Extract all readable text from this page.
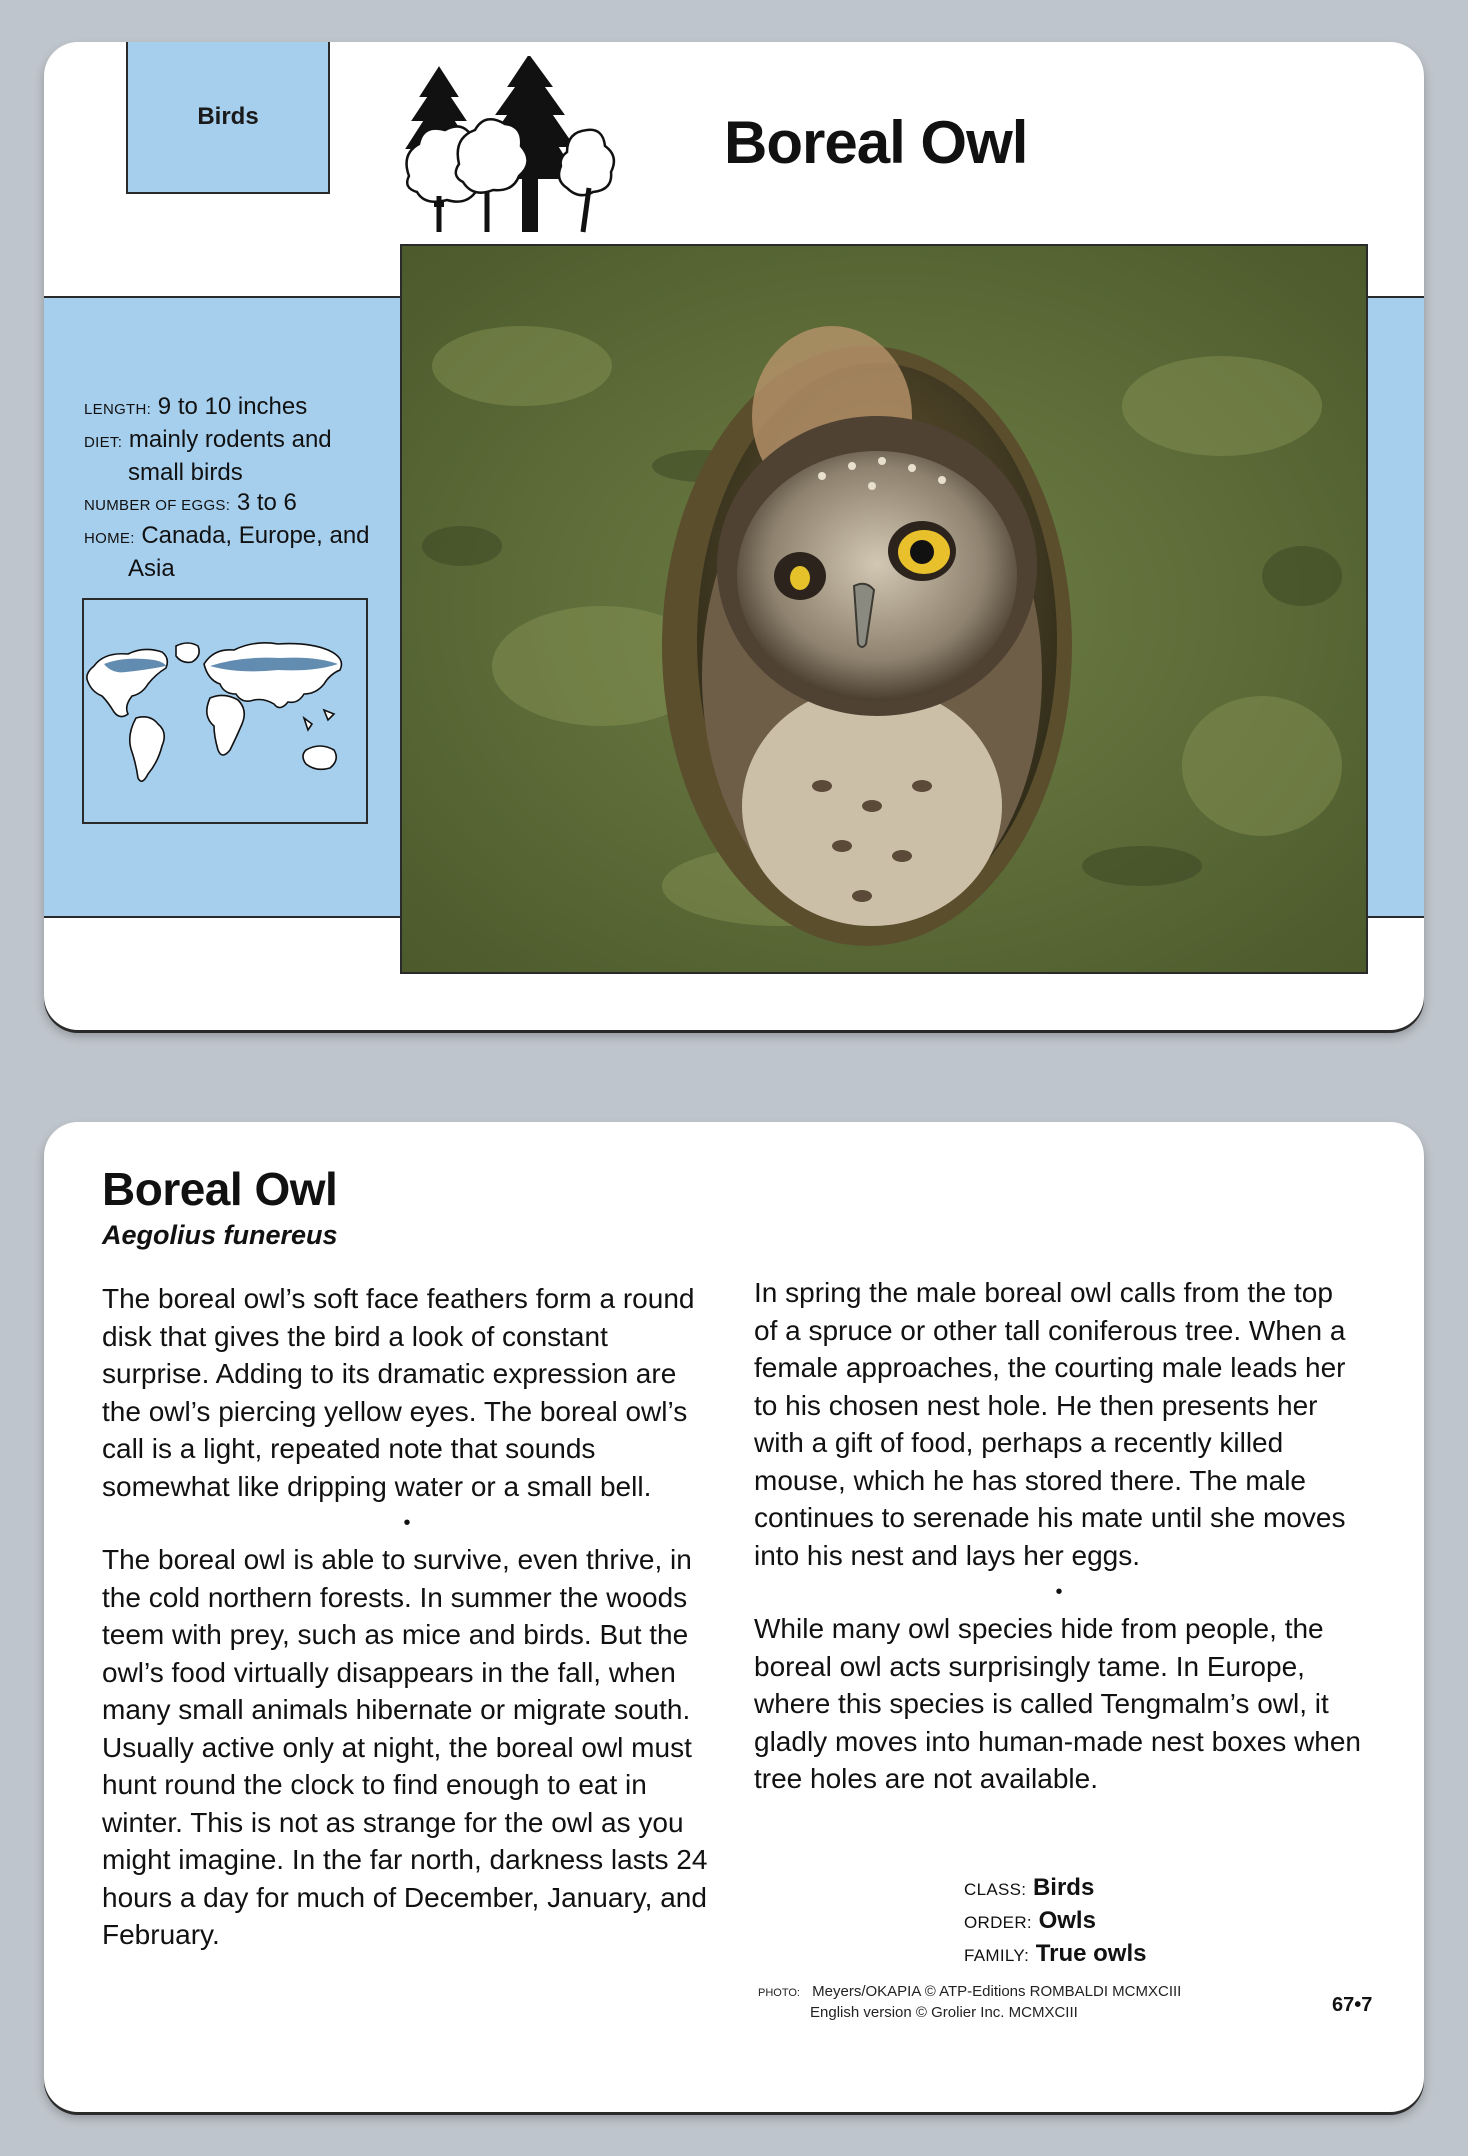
Birds	Boreal Owl

LENGTH: 9 to 10 inches

DIET: mainly rodents and

small birds

NUMBER OF EGGS: 3 to 6

HOME: Canada, Europe, and

Asia

Boreal Owl
Aegolius funereus

The boreal owl’s soft face feathers form a round disk that gives the bird a look of constant surprise. Adding to its dramatic expression are the owl’s piercing yellow eyes. The boreal owl’s call is a light, repeated note that sounds somewhat like dripping water or a small bell.

•

The boreal owl is able to survive, even thrive, in the cold northern forests. In summer the woods teem with prey, such as mice and birds. But the owl’s food virtually disappears in the fall, when many small animals hibernate or migrate south. Usually active only at night, the boreal owl must hunt round the clock to find enough to eat in winter. This is not as strange for the owl as you might imagine. In the far north, darkness lasts 24 hours a day for much of December, January, and February.

In spring the male boreal owl calls from the top of a spruce or other tall coniferous tree. When a female approaches, the courting male leads her to his chosen nest hole. He then presents her with a gift of food, perhaps a recently killed mouse, which he has stored there. The male continues to serenade his mate until she moves into his nest and lays her eggs.

•

While many owl species hide from people, the boreal owl acts surprisingly tame. In Europe, where this species is called Tengmalm’s owl, it gladly moves into human-made nest boxes when tree holes are not available.

CLASS: Birds
ORDER: Owls
FAMILY: True owls
PHOTO: Meyers/OKAPIA © ATP-Editions ROMBALDI MCMXCIII
English version © Grolier Inc. MCMXCIII	67•7
